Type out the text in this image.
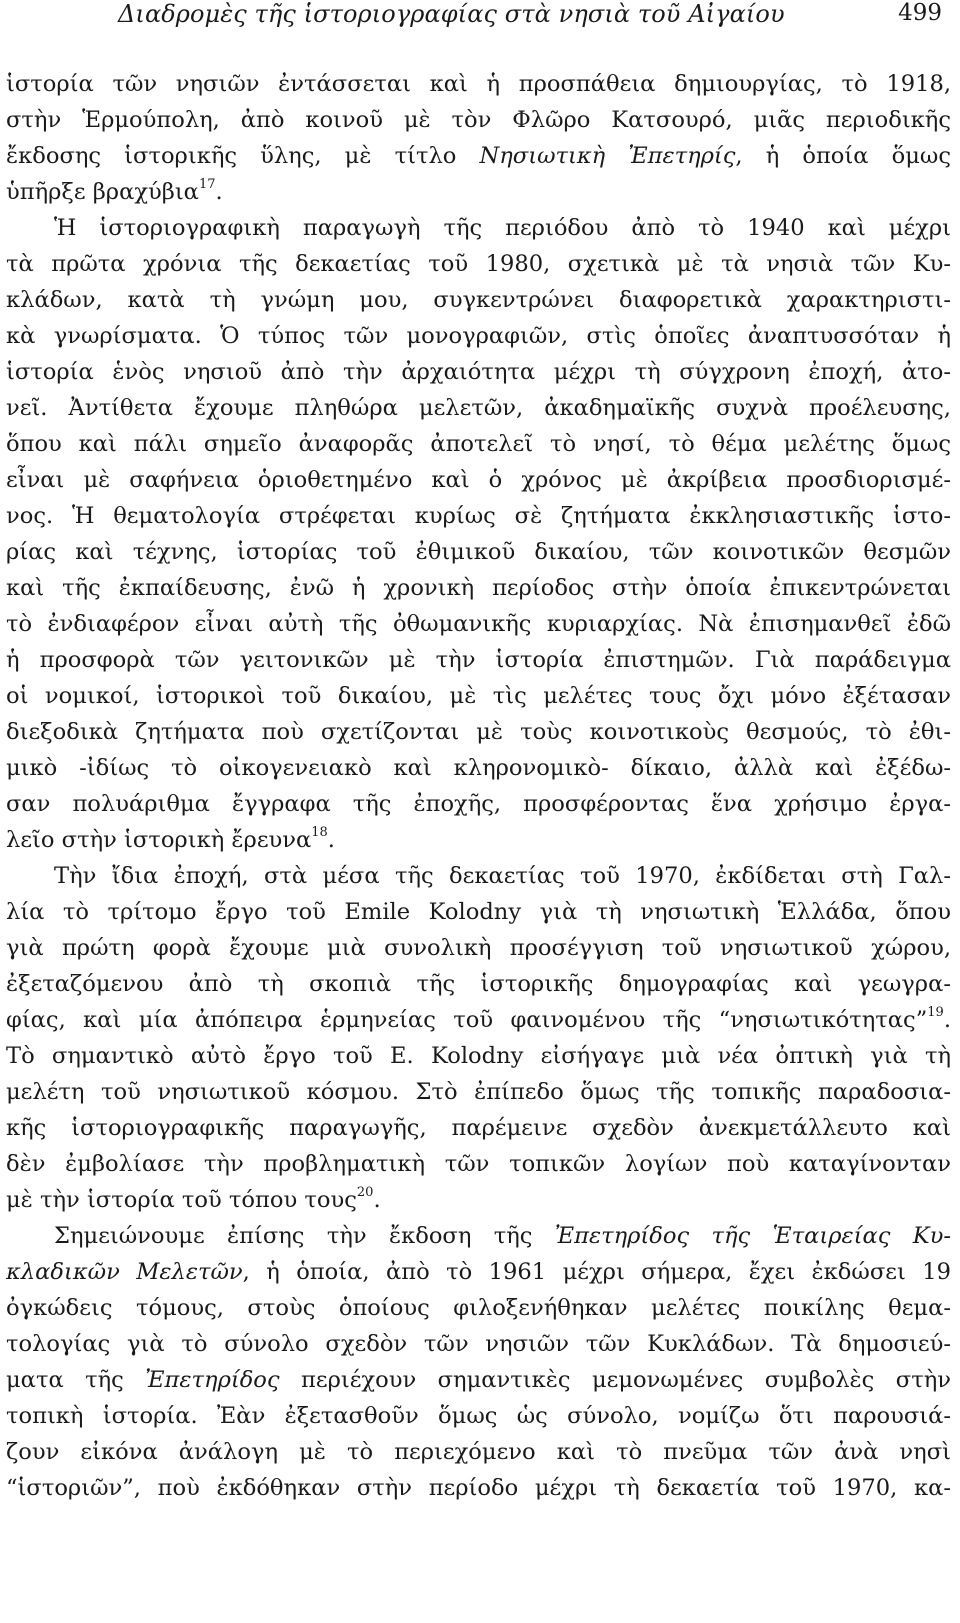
Διαδρομὲς τῆς ἱστοριογραφίας στὰ νησιὰ τοῦ Αἰγαίου	499
ἱστορία τῶν νησιῶν ἐντάσσεται καὶ ἡ προσπάθεια δημιουργίας, τὸ 1918,
στὴν Ἑρμούπολη, ἀπὸ κοινοῦ μὲ τὸν Φλῶρο Κατσουρό, μιᾶς περιοδικῆς
ἔκδοσης ἱστορικῆς ὕλης, μὲ τίτλο Νησιωτικὴ Ἐπετηρίς, ἡ ὁποία ὅμως
ὑπῆρξε βραχύβια$^{17}$.
Ἡ ἱστοριογραφικὴ παραγωγὴ τῆς περιόδου ἀπὸ τὸ 1940 καὶ μέχρι
τὰ πρῶτα χρόνια τῆς δεκαετίας τοῦ 1980, σχετικὰ μὲ τὰ νησιὰ τῶν Κυ-
κλάδων, κατὰ τὴ γνώμη μου, συγκεντρώνει διαφορετικὰ χαρακτηριστι-
κὰ γνωρίσματα. Ὁ τύπος τῶν μονογραφιῶν, στὶς ὁποῖες ἀναπτυσσόταν ἡ
ἱστορία ἑνὸς νησιοῦ ἀπὸ τὴν ἀρχαιότητα μέχρι τὴ σύγχρονη ἐποχή, ἀτο-
νεῖ. Ἀντίθετα ἔχουμε πληθώρα μελετῶν, ἀκαδημαϊκῆς συχνὰ προέλευσης,
ὅπου καὶ πάλι σημεῖο ἀναφορᾶς ἀποτελεῖ τὸ νησί, τὸ θέμα μελέτης ὅμως
εἶναι μὲ σαφήνεια ὁριοθετημένο καὶ ὁ χρόνος μὲ ἀκρίβεια προσδιορισμέ-
νος. Ἡ θεματολογία στρέφεται κυρίως σὲ ζητήματα ἐκκλησιαστικῆς ἱστο-
ρίας καὶ τέχνης, ἱστορίας τοῦ ἐθιμικοῦ δικαίου, τῶν κοινοτικῶν θεσμῶν
καὶ τῆς ἐκπαίδευσης, ἐνῶ ἡ χρονικὴ περίοδος στὴν ὁποία ἐπικεντρώνεται
τὸ ἐνδιαφέρον εἶναι αὐτὴ τῆς ὀθωμανικῆς κυριαρχίας. Νὰ ἐπισημανθεῖ ἐδῶ
ἡ προσφορὰ τῶν γειτονικῶν μὲ τὴν ἱστορία ἐπιστημῶν. Γιὰ παράδειγμα
οἱ νομικοί, ἱστορικοὶ τοῦ δικαίου, μὲ τὶς μελέτες τους ὄχι μόνο ἐξέτασαν
διεξοδικὰ ζητήματα ποὺ σχετίζονται μὲ τοὺς κοινοτικοὺς θεσμούς, τὸ ἐθι-
μικὸ -ἰδίως τὸ οἰκογενειακὸ καὶ κληρονομικὸ- δίκαιο, ἀλλὰ καὶ ἐξέδω-
σαν πολυάριθμα ἔγγραφα τῆς ἐποχῆς, προσφέροντας ἕνα χρήσιμο ἐργα-
λεῖο στὴν ἱστορικὴ ἔρευνα$^{18}$.
Τὴν ἴδια ἐποχή, στὰ μέσα τῆς δεκαετίας τοῦ 1970, ἐκδίδεται στὴ Γαλ-
λία τὸ τρίτομο ἔργο τοῦ Emile Kolodny γιὰ τὴ νησιωτικὴ Ἑλλάδα, ὅπου
γιὰ πρώτη φορὰ ἔχουμε μιὰ συνολικὴ προσέγγιση τοῦ νησιωτικοῦ χώρου,
ἐξεταζόμενου ἀπὸ τὴ σκοπιὰ τῆς ἱστορικῆς δημογραφίας καὶ γεωγρα-
φίας, καὶ μία ἀπόπειρα ἑρμηνείας τοῦ φαινομένου τῆς “νησιωτικότητας”$^{19}$.
Τὸ σημαντικὸ αὐτὸ ἔργο τοῦ E. Kolodny εἰσήγαγε μιὰ νέα ὀπτικὴ γιὰ τὴ
μελέτη τοῦ νησιωτικοῦ κόσμου. Στὸ ἐπίπεδο ὅμως τῆς τοπικῆς παραδοσια-
κῆς ἱστοριογραφικῆς παραγωγῆς, παρέμεινε σχεδὸν ἀνεκμετάλλευτο καὶ
δὲν ἐμβολίασε τὴν προβληματικὴ τῶν τοπικῶν λογίων ποὺ καταγίνονταν
μὲ τὴν ἱστορία τοῦ τόπου τους$^{20}$.
Σημειώνουμε ἐπίσης τὴν ἔκδοση τῆς Ἐπετηρίδος τῆς Ἑταιρείας Κυ-
κλαδικῶν Μελετῶν, ἡ ὁποία, ἀπὸ τὸ 1961 μέχρι σήμερα, ἔχει ἐκδώσει 19
ὀγκώδεις τόμους, στοὺς ὁποίους φιλοξενήθηκαν μελέτες ποικίλης θεμα-
τολογίας γιὰ τὸ σύνολο σχεδὸν τῶν νησιῶν τῶν Κυκλάδων. Τὰ δημοσιεύ-
ματα τῆς Ἐπετηρίδος περιέχουν σημαντικὲς μεμονωμένες συμβολὲς στὴν
τοπικὴ ἱστορία. Ἐὰν ἐξετασθοῦν ὅμως ὡς σύνολο, νομίζω ὅτι παρουσιά-
ζουν εἰκόνα ἀνάλογη μὲ τὸ περιεχόμενο καὶ τὸ πνεῦμα τῶν ἀνὰ νησὶ
“ἱστοριῶν”, ποὺ ἐκδόθηκαν στὴν περίοδο μέχρι τὴ δεκαετία τοῦ 1970, κα-
